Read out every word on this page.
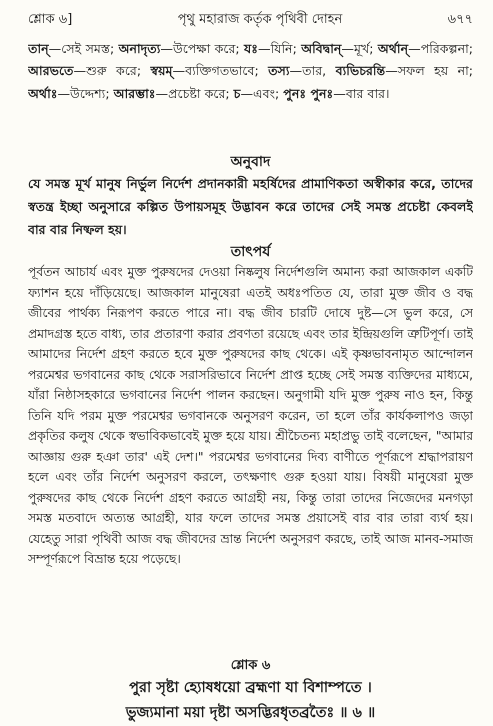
শ্লোক ৬]	পৃথু মহারাজ কর্তৃক পৃথিবী দোহন	৬৭৭
তান্—সেই সমস্ত; অনাদৃত্য—উপেক্ষা করে; যঃ—যিনি; অবিদ্বান্—মূর্খ; অর্থান্—পরিকল্পনা; আরভতে—শুরু করে; স্বয়ম্—ব্যক্তিগতভাবে; তস্য—তার, ব্যভিচরন্তি—সফল হয় না; অর্থাঃ—উদ্দেশ্য; আরম্ভাঃ—প্রচেষ্টা করে; চ—এবং; পুনঃ পুনঃ—বার বার।
অনুবাদ
যে সমস্ত মূর্খ মানুষ নির্ভুল নির্দেশ প্রদানকারী মহর্ষিদের প্রামাণিকতা অস্বীকার করে, তাদের স্বতন্ত্র ইচ্ছা অনুসারে কল্পিত উপায়সমূহ উদ্ভাবন করে তাদের সেই সমস্ত প্রচেষ্টা কেবলই বার বার নিষ্ফল হয়।
তাৎপর্য
পূর্বতন আচার্য এবং মুক্ত পুরুষদের দেওয়া নিষ্কলুষ নির্দেশগুলি অমান্য করা আজকাল একটি ফ্যাশন হয়ে দাঁড়িয়েছে। আজকাল মানুষেরা এতই অধঃপতিত যে, তারা মুক্ত জীব ও বদ্ধ জীবের পার্থক্য নিরূপণ করতে পারে না। বদ্ধ জীব চারটি দোষে দুষ্ট—সে ভুল করে, সে প্রমাদগ্রস্ত হতে বাধ্য, তার প্রতারণা করার প্রবণতা রয়েছে এবং তার ইন্দ্রিয়গুলি ত্রুটিপূর্ণ। তাই আমাদের নির্দেশ গ্রহণ করতে হবে মুক্ত পুরুষদের কাছ থেকে। এই কৃষ্ণভাবনামৃত আন্দোলন পরমেশ্বর ভগবানের কাছ থেকে সরাসরিভাবে নির্দেশ প্রাপ্ত হচ্ছে সেই সমস্ত ব্যক্তিদের মাধ্যমে, যাঁরা নিষ্ঠাসহকারে ভগবানের নির্দেশ পালন করছেন। অনুগামী যদি মুক্ত পুরুষ নাও হন, কিন্তু তিনি যদি পরম মুক্ত পরমেশ্বর ভগবানকে অনুসরণ করেন, তা হলে তাঁর কার্যকলাপও জড়া প্রকৃতির কলুষ থেকে স্বভাবিকভাবেই মুক্ত হয়ে যায়। শ্রীচৈতন্য মহাপ্রভু তাই বলেছেন, "আমার আজ্ঞায় গুরু হঞা তার' এই দেশ।" পরমেশ্বর ভগবানের দিব্য বাণীতে পূর্ণরূপে শ্রদ্ধাপরায়ণ হলে এবং তাঁর নির্দেশ অনুসরণ করলে, তৎক্ষণাৎ গুরু হওয়া যায়। বিষয়ী মানুষেরা মুক্ত পুরুষদের কাছ থেকে নির্দেশ গ্রহণ করতে আগ্রহী নয়, কিন্তু তারা তাদের নিজেদের মনগড়া সমস্ত মতবাদে অত্যন্ত আগ্রহী, যার ফলে তাদের সমস্ত প্রয়াসেই বার বার তারা ব্যর্থ হয়। যেহেতু সারা পৃথিবী আজ বদ্ধ জীবদের ভ্রান্ত নির্দেশ অনুসরণ করছে, তাই আজ মানব-সমাজ সম্পূর্ণরূপে বিভ্রান্ত হয়ে পড়েছে।
শ্লোক ৬
পুরা সৃষ্টা হ্যোষধয়ো ব্রহ্মণা যা বিশাম্পতে ।
ভুজ্যমানা ময়া দৃষ্টা অসদ্ভিরধৃতব্রতৈঃ ॥ ৬ ॥
